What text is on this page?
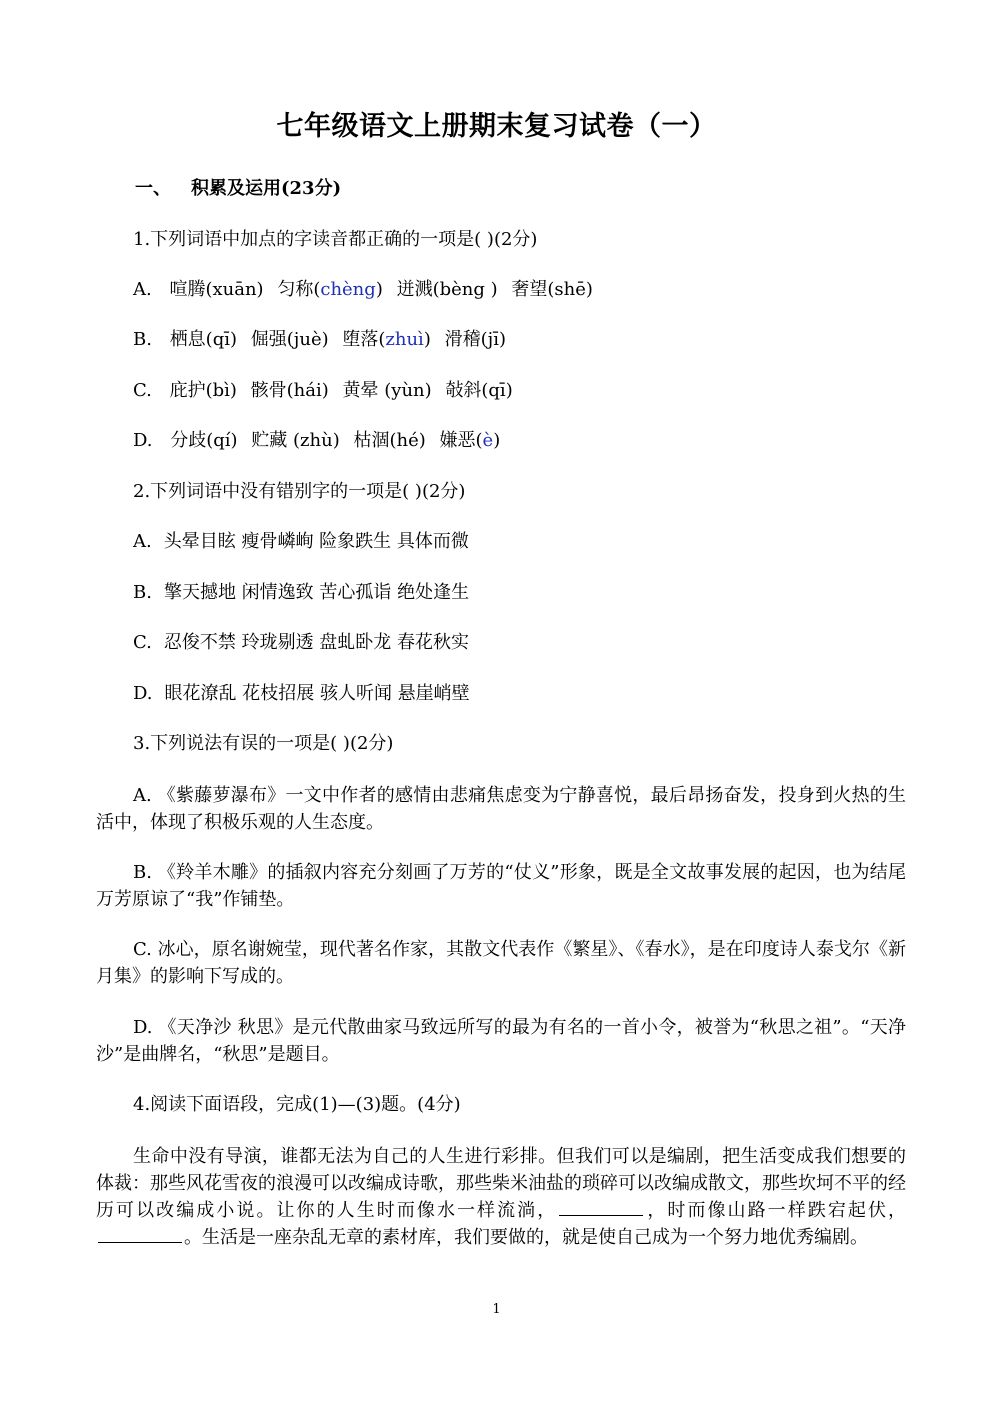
七年级语文上册期末复习试卷（一）
一、 积累及运用(23分)
1.下列词语中加点的字读音都正确的一项是( )(2分)
A. 喧腾(xuān) 匀称(chèng) 迸溅(bèng ) 奢望(shē)
B. 栖息(qī) 倔强(juè) 堕落(zhuì) 滑稽(jī)
C. 庇护(bì) 骸骨(hái) 黄晕 (yùn) 敧斜(qī)
D. 分歧(qí) 贮藏 (zhù) 枯涸(hé) 嫌恶(è)
2.下列词语中没有错别字的一项是( )(2分)
A. 头晕目眩 瘦骨嶙峋 险象跌生 具体而微
B. 擎天撼地 闲情逸致 苦心孤诣 绝处逢生
C. 忍俊不禁 玲珑剔透 盘虬卧龙 春花秋实
D. 眼花潦乱 花枝招展 骇人听闻 悬崖峭壁
3.下列说法有误的一项是( )(2分)
A. 《紫藤萝瀑布》一文中作者的感情由悲痛焦虑变为宁静喜悦，最后昂扬奋发，投身到火热的生活中，体现了积极乐观的人生态度。
B. 《羚羊木雕》的插叙内容充分刻画了万芳的“仗义”形象，既是全文故事发展的起因，也为结尾万芳原谅了“我”作铺垫。
C. 冰心，原名谢婉莹，现代著名作家，其散文代表作《繁星》、《春水》，是在印度诗人泰戈尔《新月集》的影响下写成的。
D. 《天净沙 秋思》是元代散曲家马致远所写的最为有名的一首小令，被誉为“秋思之祖”。“天净沙”是曲牌名，“秋思”是题目。
4.阅读下面语段，完成(1)—(3)题。(4分)
生命中没有导演，谁都无法为自己的人生进行彩排。但我们可以是编剧，把生活变成我们想要的体裁：那些风花雪夜的浪漫可以改编成诗歌，那些柴米油盐的琐碎可以改编成散文，那些坎坷不平的经历可以改编成小说。让你的人生时而像水一样流淌，	，时而像山路一样跌宕起伏，。生活是一座杂乱无章的素材库，我们要做的，就是使自己成为一个努力地优秀编剧。
1
